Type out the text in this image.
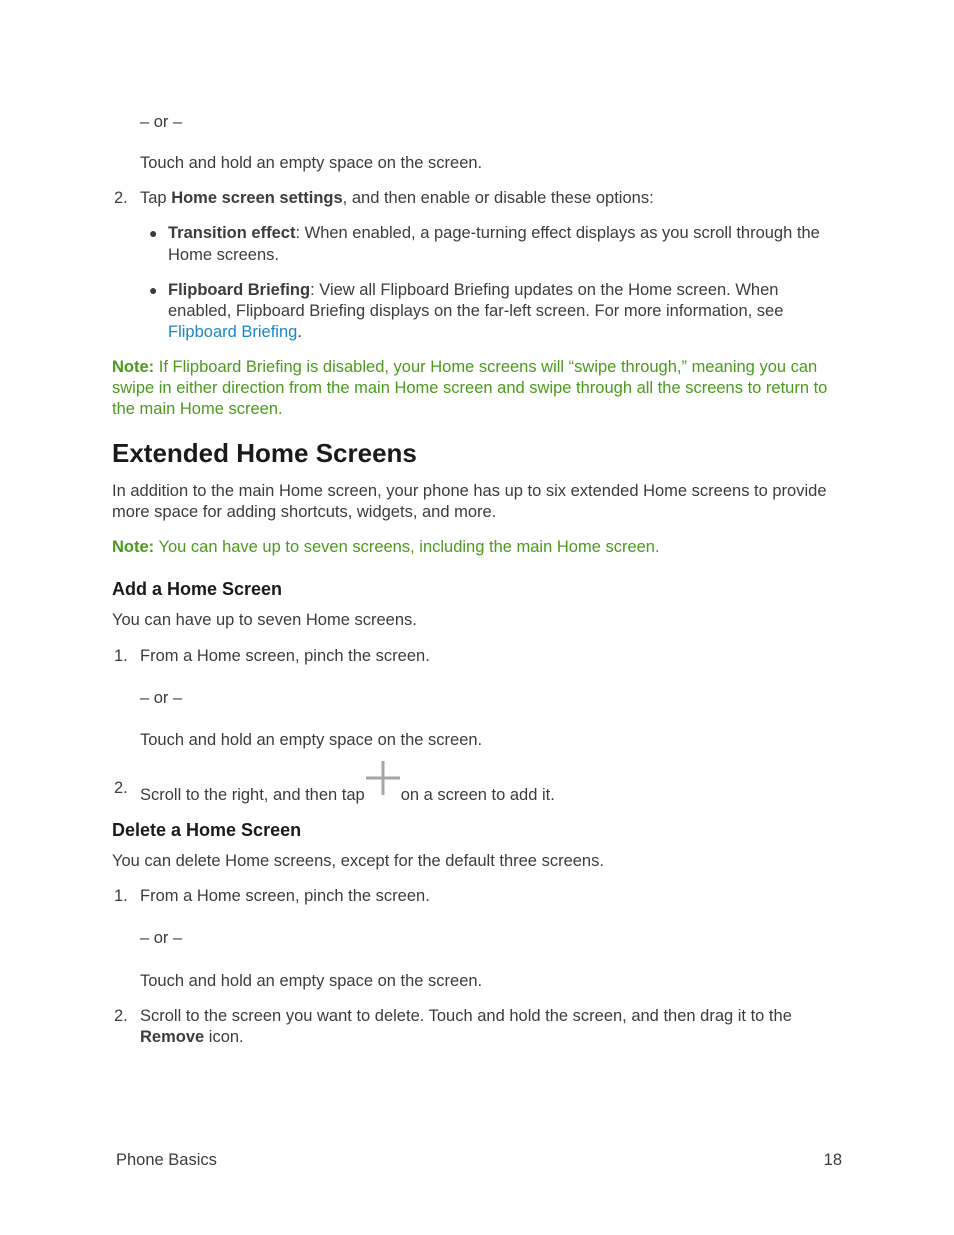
– or –

Touch and hold an empty space on the screen.

2. Tap Home screen settings, and then enable or disable these options:

● Transition effect: When enabled, a page-turning effect displays as you scroll through the

Home screens.

● Flipboard Briefing: View all Flipboard Briefing updates on the Home screen. When

enabled, Flipboard Briefing displays on the far-left screen. For more information, see

Flipboard Briefing.

Note: If Flipboard Briefing is disabled, your Home screens will “swipe through,” meaning you can

swipe in either direction from the main Home screen and swipe through all the screens to return to

the main Home screen.

Extended Home Screens

In addition to the main Home screen, your phone has up to six extended Home screens to provide

more space for adding shortcuts, widgets, and more.

Note: You can have up to seven screens, including the main Home screen.

Add a Home Screen

You can have up to seven Home screens.

1. From a Home screen, pinch the screen.

– or –

Touch and hold an empty space on the screen.

2. Scroll to the right, and then tap on a screen to add it.

Delete a Home Screen

You can delete Home screens, except for the default three screens.

1. From a Home screen, pinch the screen.

– or –

Touch and hold an empty space on the screen.

2. Scroll to the screen you want to delete. Touch and hold the screen, and then drag it to the

Remove icon.

Phone Basics	18
